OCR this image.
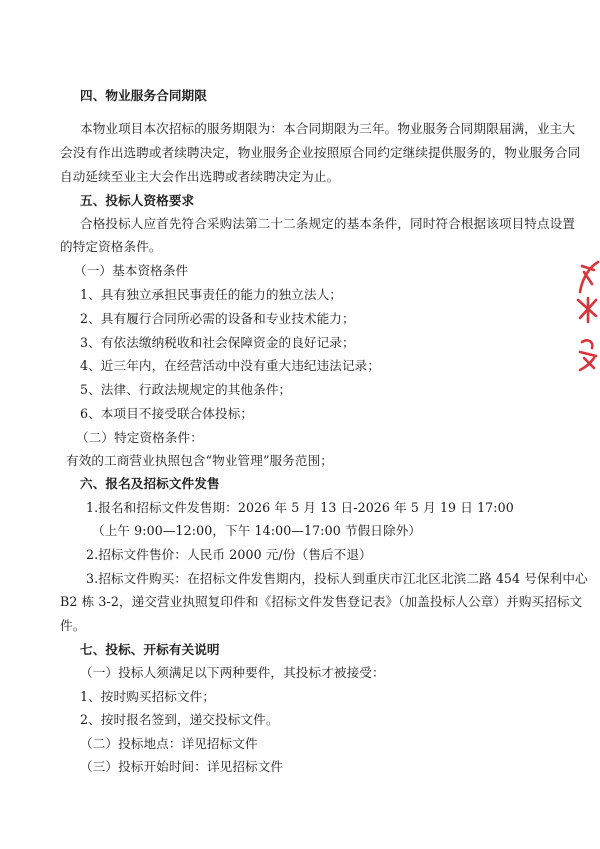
四、物业服务合同期限
本物业项目本次招标的服务期限为：本合同期限为三年。物业服务合同期限届满，业主大
会没有作出选聘或者续聘决定，物业服务企业按照原合同约定继续提供服务的，物业服务合同
自动延续至业主大会作出选聘或者续聘决定为止。
五、投标人资格要求
合格投标人应首先符合采购法第二十二条规定的基本条件，同时符合根据该项目特点设置
的特定资格条件。
（一）基本资格条件
1、具有独立承担民事责任的能力的独立法人；
2、具有履行合同所必需的设备和专业技术能力；
3、有依法缴纳税收和社会保障资金的良好记录；
4、近三年内，在经营活动中没有重大违纪违法记录；
5、法律、行政法规规定的其他条件；
6、本项目不接受联合体投标；
（二）特定资格条件：
有效的工商营业执照包含“物业管理”服务范围；
六、报名及招标文件发售
1.报名和招标文件发售期：2026 年 5 月 13 日-2026 年 5 月 19 日 17:00
（上午 9:00—12:00，下午 14:00—17:00 节假日除外）
2.招标文件售价：人民币 2000 元/份（售后不退）
3.招标文件购买：在招标文件发售期内，投标人到重庆市江北区北滨二路 454 号保利中心
B2 栋 3-2，递交营业执照复印件和《招标文件发售登记表》（加盖投标人公章）并购买招标文
件。
七、投标、开标有关说明
（一）投标人须满足以下两种要件，其投标才被接受：
1、按时购买招标文件；
2、按时报名签到，递交投标文件。
（二）投标地点：详见招标文件
（三）投标开始时间：详见招标文件
